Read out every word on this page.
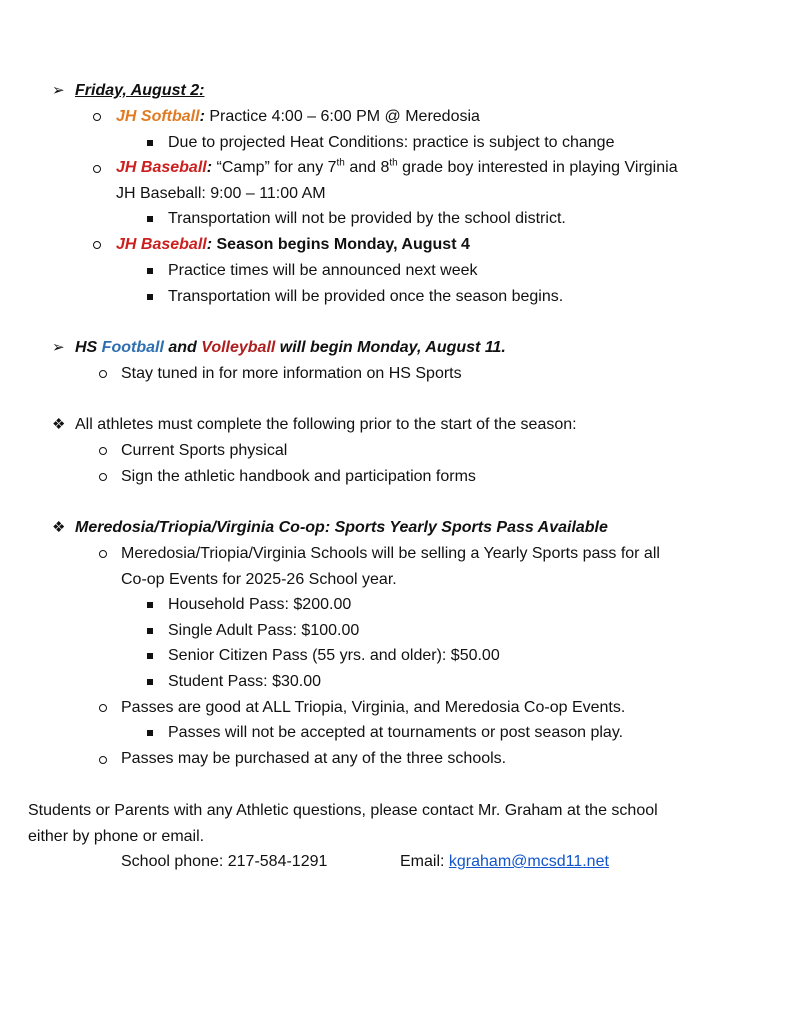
➢ Friday, August 2:
JH Softball: Practice 4:00 – 6:00 PM @ Meredosia
Due to projected Heat Conditions: practice is subject to change
JH Baseball: “Camp” for any 7th and 8th grade boy interested in playing Virginia
JH Baseball: 9:00 – 11:00 AM
Transportation will not be provided by the school district.
JH Baseball: Season begins Monday, August 4
Practice times will be announced next week
Transportation will be provided once the season begins.
➢ HS Football and Volleyball will begin Monday, August 11.
Stay tuned in for more information on HS Sports
❖ All athletes must complete the following prior to the start of the season:
Current Sports physical
Sign the athletic handbook and participation forms
❖ Meredosia/Triopia/Virginia Co-op: Sports Yearly Sports Pass Available
Meredosia/Triopia/Virginia Schools will be selling a Yearly Sports pass for all
Co-op Events for 2025-26 School year.
Household Pass: $200.00
Single Adult Pass: $100.00
Senior Citizen Pass (55 yrs. and older): $50.00
Student Pass: $30.00
Passes are good at ALL Triopia, Virginia, and Meredosia Co-op Events.
Passes will not be accepted at tournaments or post season play.
Passes may be purchased at any of the three schools.
Students or Parents with any Athletic questions, please contact Mr. Graham at the school
either by phone or email.
School phone: 217-584-1291	Email: kgraham@mcsd11.net
